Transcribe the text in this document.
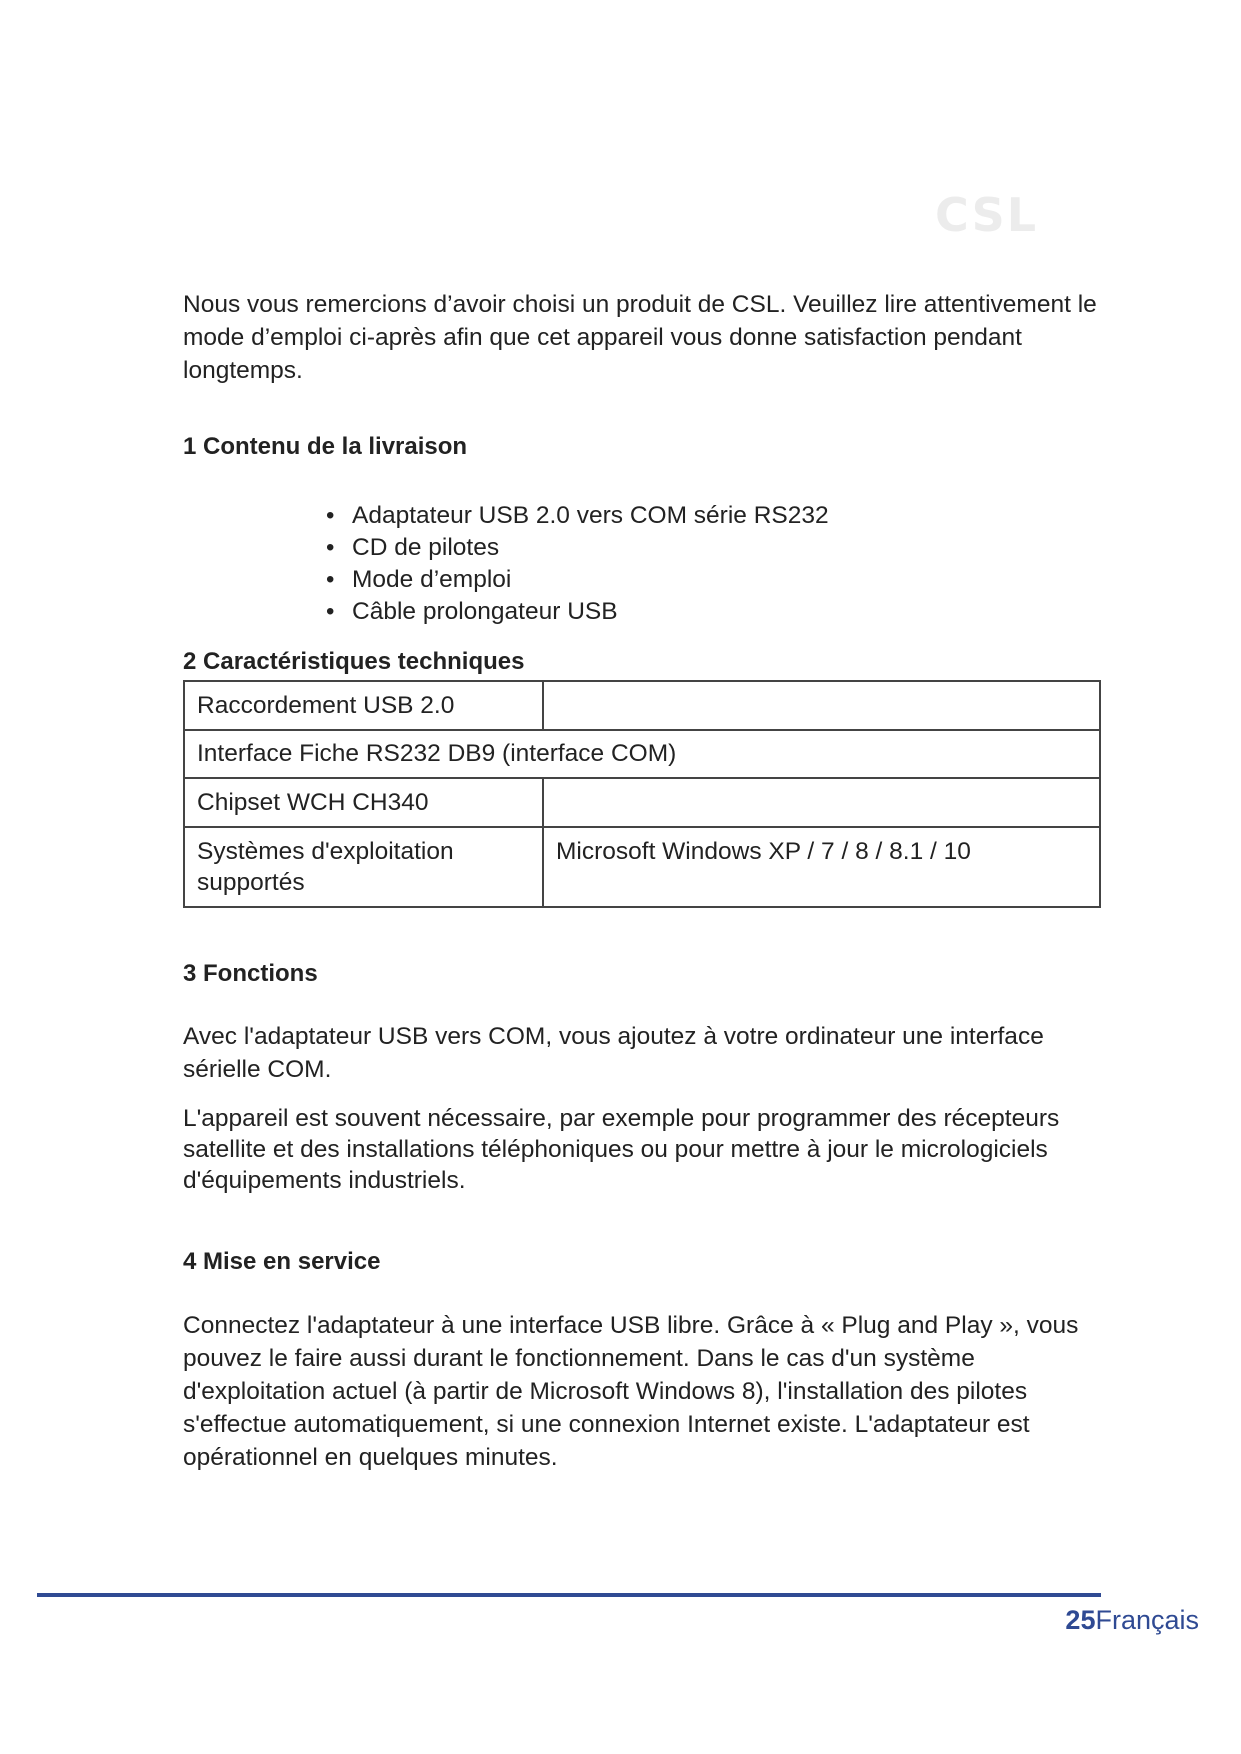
CSL

Nous vous remercions d’avoir choisi un produit de CSL. Veuillez lire attentivement le mode d’emploi ci-après afin que cet appareil vous donne satisfaction pendant longtemps.

1 Contenu de la livraison
• Adaptateur USB 2.0 vers COM série RS232
• CD de pilotes
• Mode d’emploi
• Câble prolongateur USB
2 Caractéristiques techniques
Raccordement USB 2.0	
Interface Fiche RS232 DB9 (interface COM)	
Chipset WCH CH340	
Systèmes d'exploitation supportés	Microsoft Windows XP / 7 / 8 / 8.1 / 10
3 Fonctions

Avec l'adaptateur USB vers COM, vous ajoutez à votre ordinateur une interface sérielle COM.

L'appareil est souvent nécessaire, par exemple pour programmer des récepteurs satellite et des installations téléphoniques ou pour mettre à jour le micrologiciels d'équipements industriels.

4 Mise en service

Connectez l'adaptateur à une interface USB libre. Grâce à « Plug and Play », vous pouvez le faire aussi durant le fonctionnement. Dans le cas d'un système d'exploitation actuel (à partir de Microsoft Windows 8), l'installation des pilotes s'effectue automatiquement, si une connexion Internet existe. L'adaptateur est opérationnel en quelques minutes.

25Français
